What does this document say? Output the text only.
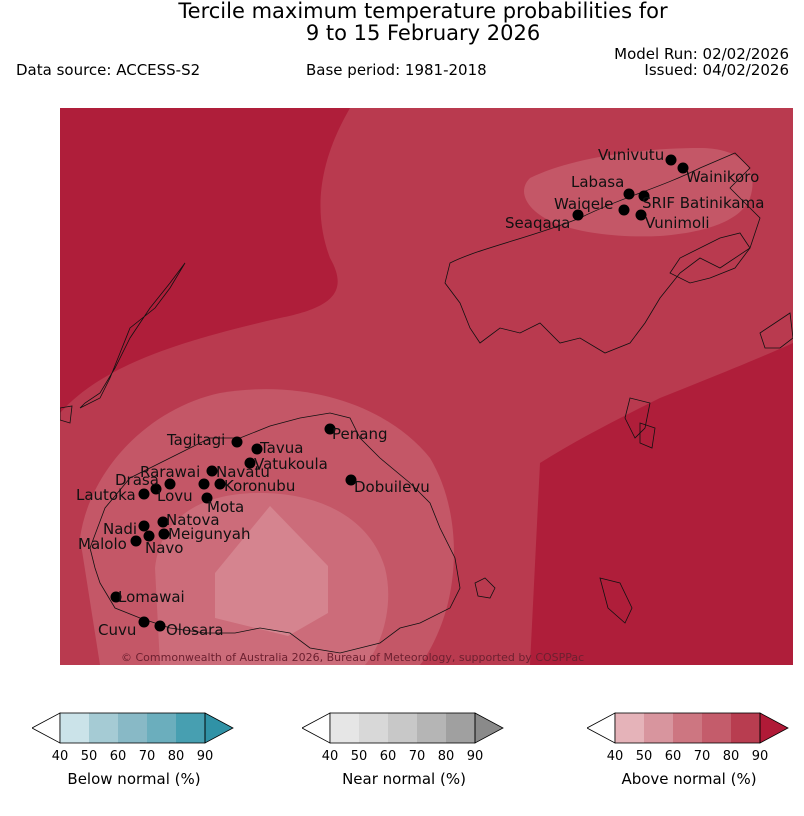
Tercile maximum temperature probabilities for
9 to 15 February 2026
Data source: ACCESS-S2	Base period: 1981-2018
Model Run: 02/02/2026
Issued: 04/02/2026
Vunivutu
Wainikoro
Labasa
SRIF Batinikama
Waiqele
Seaqaqa	Vunimoli
Tagitagi Tavua
Penang
Vatukoula
Rarawai Navatu
Drasa	Koronubu
Lautoka Lovu	Dobuilevu
Mota
Natova
Nadi Meigunyah
Malolo Navo
Lomawai
Cuvu Olosara
© Commonwealth of Australia 2026, Bureau of Meteorology, supported by COSPPac
40 50 60 70 80 90
Below normal (%)
40 50 60 70 80 90
Near normal (%)
40 50 60 70 80 90
Above normal (%)
